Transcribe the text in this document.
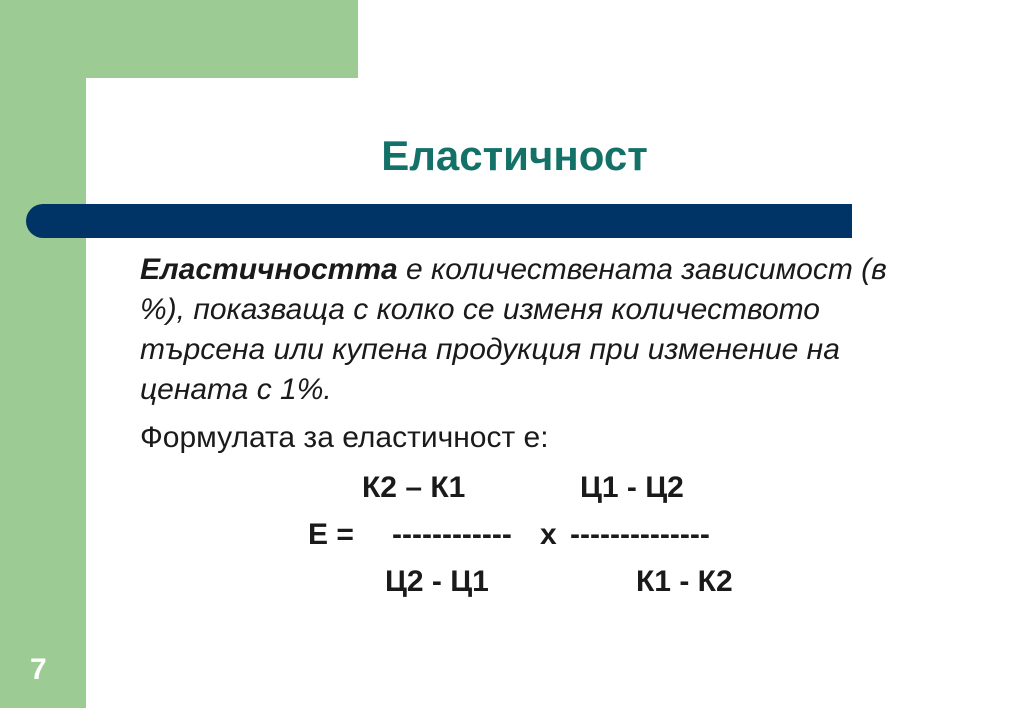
Еластичност

Еластичността е количествената зависимост (в %), показваща с колко се изменя количеството търсена или купена продукция при изменение на цената с 1%.

Формулата за еластичност е:

К2 – К1	Ц1 - Ц2
Е = ------------ х --------------
Ц2 - Ц1	К1 - К2
7
